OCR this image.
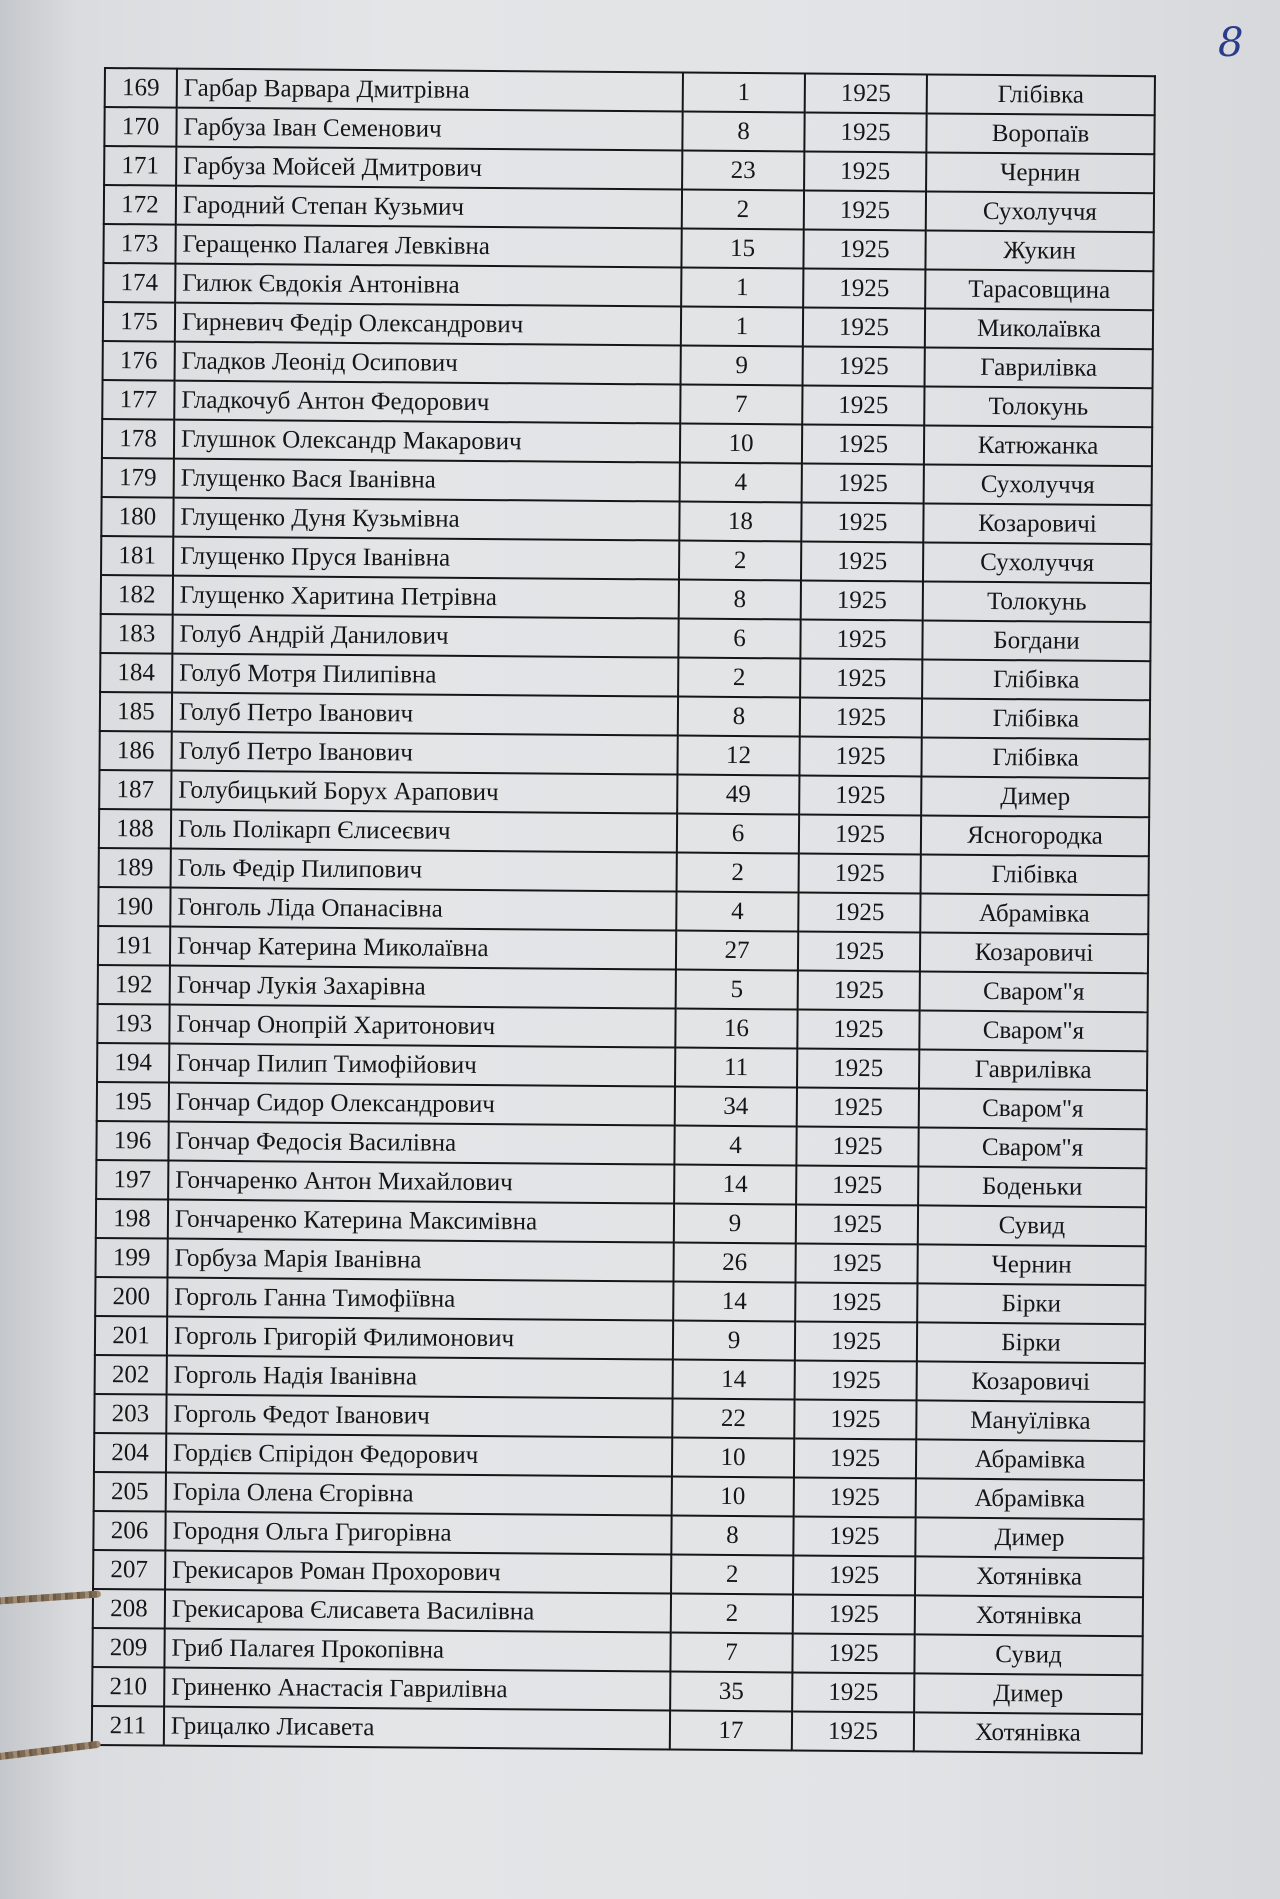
8
169	Гарбар Варвара Дмитрівна	1	1925	Глібівка
170	Гарбуза Іван Семенович	8	1925	Воропаїв
171	Гарбуза Мойсей Дмитрович	23	1925	Чернин
172	Гародний Степан Кузьмич	2	1925	Сухолуччя
173	Геращенко Палагея Левківна	15	1925	Жукин
174	Гилюк Євдокія Антонівна	1	1925	Тарасовщина
175	Гирневич Федір Олександрович	1	1925	Миколаївка
176	Гладков Леонід Осипович	9	1925	Гаврилівка
177	Гладкочуб Антон Федорович	7	1925	Толокунь
178	Глушнок Олександр Макарович	10	1925	Катюжанка
179	Глущенко Вася Іванівна	4	1925	Сухолуччя
180	Глущенко Дуня Кузьмівна	18	1925	Козаровичі
181	Глущенко Пруся Іванівна	2	1925	Сухолуччя
182	Глущенко Харитина Петрівна	8	1925	Толокунь
183	Голуб Андрій Данилович	6	1925	Богдани
184	Голуб Мотря Пилипівна	2	1925	Глібівка
185	Голуб Петро Іванович	8	1925	Глібівка
186	Голуб Петро Іванович	12	1925	Глібівка
187	Голубицький Борух Арапович	49	1925	Димер
188	Голь Полікарп Єлисеєвич	6	1925	Ясногородка
189	Голь Федір Пилипович	2	1925	Глібівка
190	Гонголь Ліда Опанасівна	4	1925	Абрамівка
191	Гончар Катерина Миколаївна	27	1925	Козаровичі
192	Гончар Лукія Захарівна	5	1925	Сваром"я
193	Гончар Онопрій Харитонович	16	1925	Сваром"я
194	Гончар Пилип Тимофійович	11	1925	Гаврилівка
195	Гончар Сидор Олександрович	34	1925	Сваром"я
196	Гончар Федосія Василівна	4	1925	Сваром"я
197	Гончаренко Антон Михайлович	14	1925	Боденьки
198	Гончаренко Катерина Максимівна	9	1925	Сувид
199	Горбуза Марія Іванівна	26	1925	Чернин
200	Горголь Ганна Тимофіївна	14	1925	Бірки
201	Горголь Григорій Филимонович	9	1925	Бірки
202	Горголь Надія Іванівна	14	1925	Козаровичі
203	Горголь Федот Іванович	22	1925	Мануїлівка
204	Гордієв Спірідон Федорович	10	1925	Абрамівка
205	Горіла Олена Єгорівна	10	1925	Абрамівка
206	Городня Ольга Григорівна	8	1925	Димер
207	Грекисаров Роман Прохорович	2	1925	Хотянівка
208	Грекисарова Єлисавета Василівна	2	1925	Хотянівка
209	Гриб Палагея Прокопівна	7	1925	Сувид
210	Гриненко Анастасія Гаврилівна	35	1925	Димер
211	Грицалко Лисавета	17	1925	Хотянівка
